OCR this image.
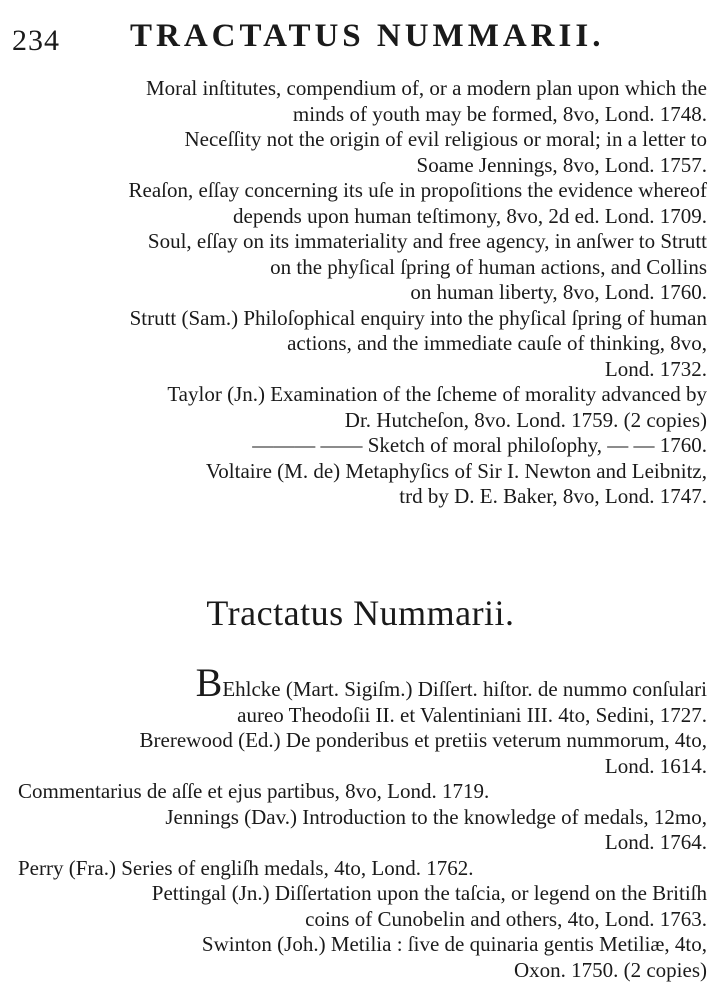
234 TRACTATUS NUMMARII.

Moral inſtitutes, compendium of, or a modern plan upon which the
minds of youth may be formed, 8vo, Lond. 1748.

Neceſſity not the origin of evil religious or moral; in a letter to
Soame Jennings, 8vo, Lond. 1757.

Reaſon, eſſay concerning its uſe in propoſitions the evidence whereof
depends upon human teſtimony, 8vo, 2d ed. Lond. 1709.

Soul, eſſay on its immateriality and free agency, in anſwer to Strutt
on the phyſical ſpring of human actions, and Collins
on human liberty, 8vo, Lond. 1760.

Strutt (Sam.) Philoſophical enquiry into the phyſical ſpring of human
actions, and the immediate cauſe of thinking, 8vo,
Lond. 1732.

Taylor (Jn.) Examination of the ſcheme of morality advanced by
Dr. Hutcheſon, 8vo. Lond. 1759. (2 copies)

——— —— Sketch of moral philoſophy, — — 1760.

Voltaire (M. de) Metaphyſics of Sir I. Newton and Leibnitz,
trd by D. E. Baker, 8vo, Lond. 1747.

Tractatus Nummarii.

BEhlcke (Mart. Sigiſm.) Diſſert. hiſtor. de nummo conſulari
aureo Theodoſii II. et Valentiniani III. 4to, Sedini, 1727.

Brerewood (Ed.) De ponderibus et pretiis veterum nummorum, 4to,
Lond. 1614.

Commentarius de aſſe et ejus partibus, 8vo, Lond. 1719.

Jennings (Dav.) Introduction to the knowledge of medals, 12mo,
Lond. 1764.

Perry (Fra.) Series of engliſh medals, 4to, Lond. 1762.

Pettingal (Jn.) Diſſertation upon the taſcia, or legend on the Britiſh
coins of Cunobelin and others, 4to, Lond. 1763.

Swinton (Joh.) Metilia : ſive de quinaria gentis Metiliæ, 4to,
Oxon. 1750. (2 copies)
